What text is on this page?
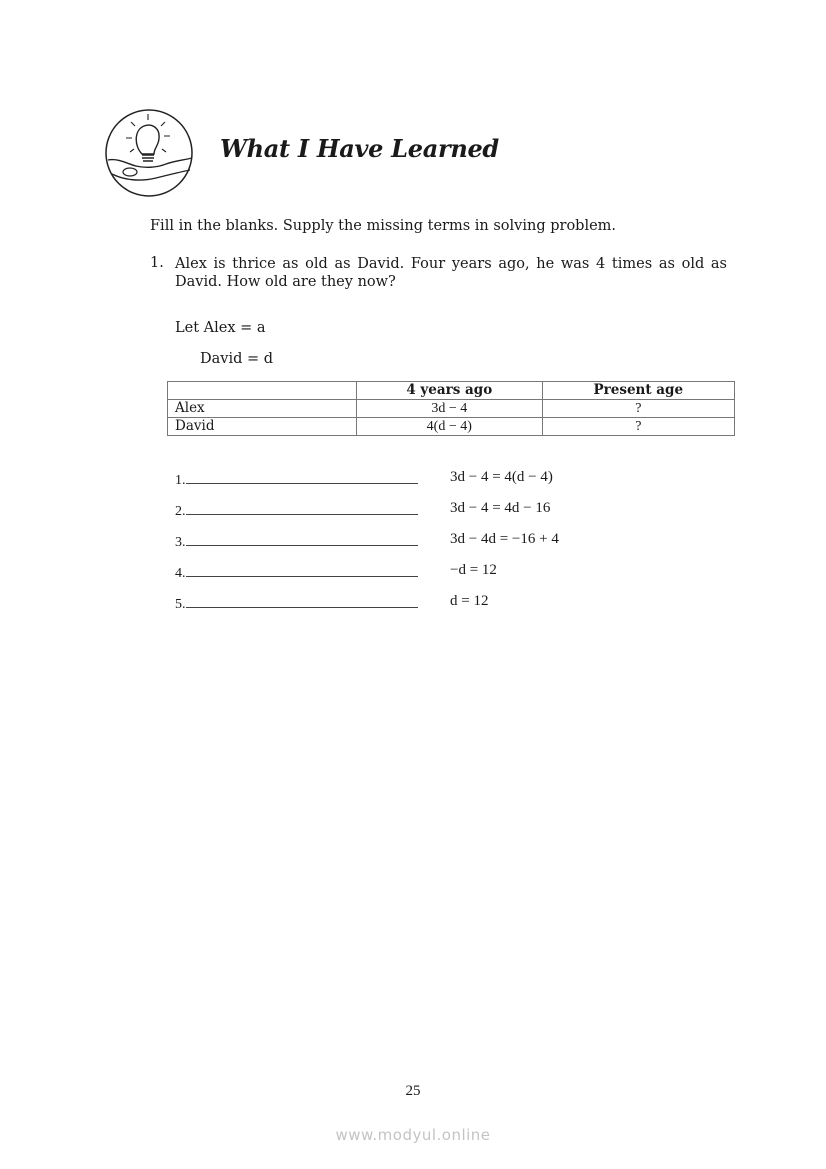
What I Have Learned
Fill in the blanks. Supply the missing terms in solving problem.
1. Alex is thrice as old as David. Four years ago, he was 4 times as old as David. How old are they now?
Let Alex = a
David = d
	4 years ago	Present age
Alex	3d − 4	?
David	4(d − 4)	?
1.	3d − 4 = 4(d − 4)
2.	3d − 4 = 4d − 16
3.	3d − 4d = −16 + 4
4.	−d = 12
5.	d = 12
25
www.modyul.online
